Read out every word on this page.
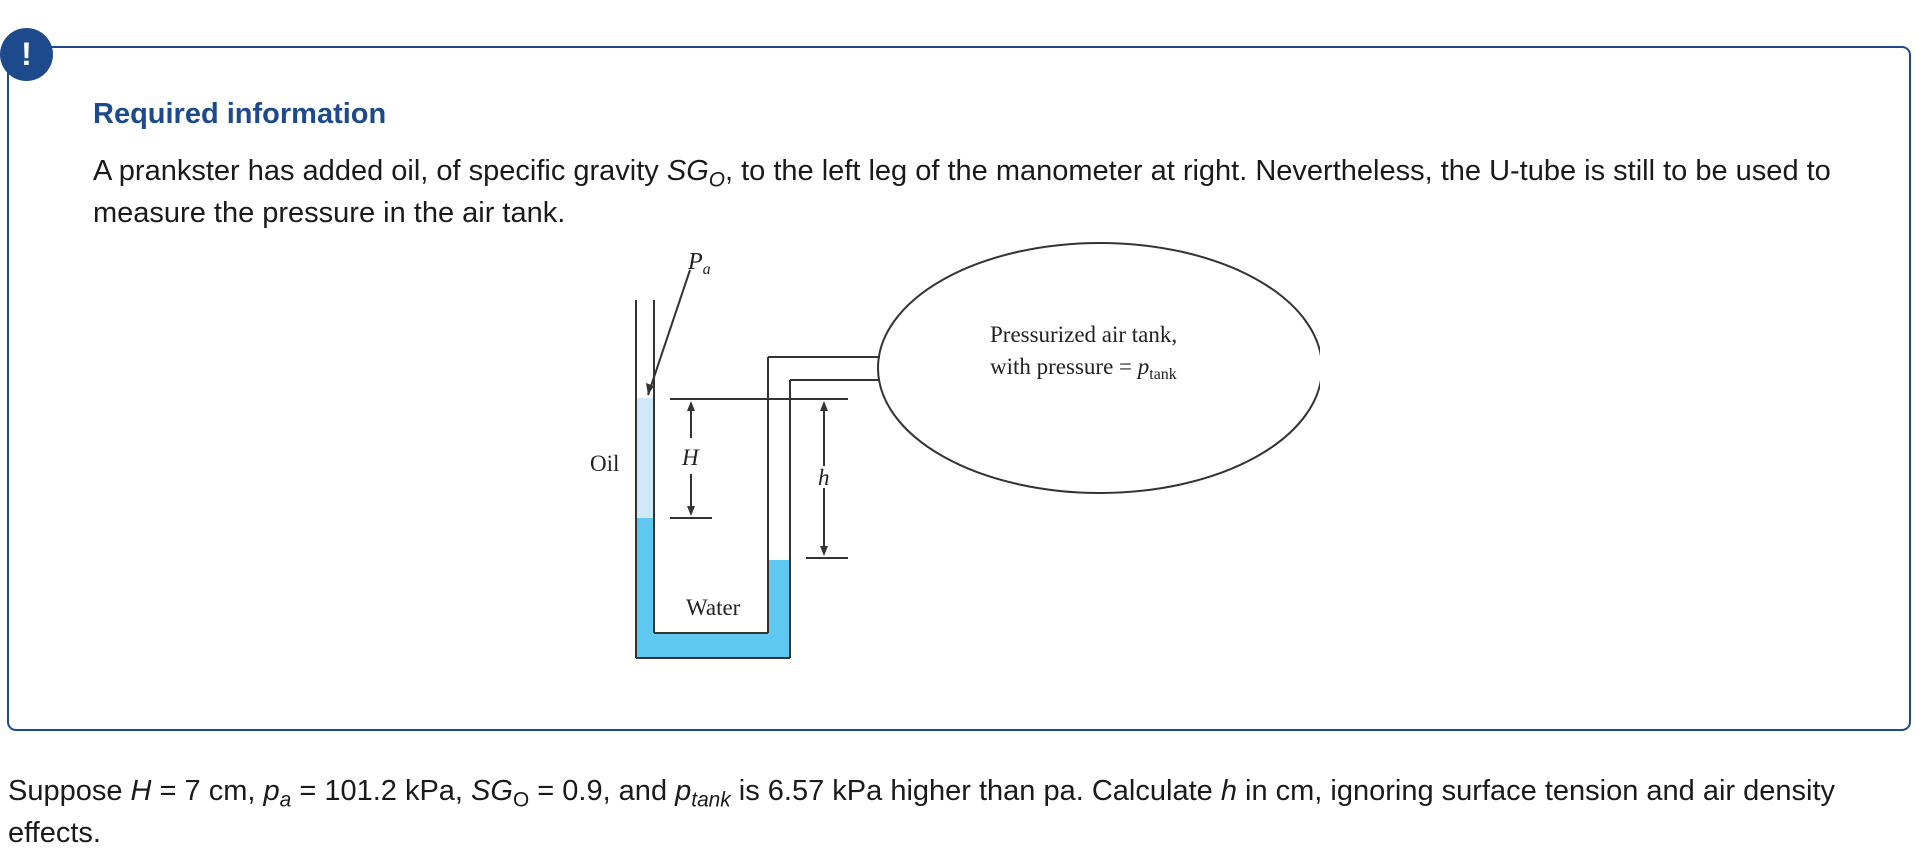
!
Required information
A prankster has added oil, of specific gravity $SG_O$, to the left leg of the manometer at right. Nevertheless, the U-tube is still to be used to measure the pressure in the air tank.
$P_a$
Pressurized air tank,
with pressure = $p_{tank}$
Oil	H
h
Water
Suppose H = 7 cm, $p_a = 101.2$ kPa, $SG_O = 0.9$, and $p_{tank}$ is 6.57 kPa higher than pa. Calculate h in cm, ignoring surface tension and air density effects.
